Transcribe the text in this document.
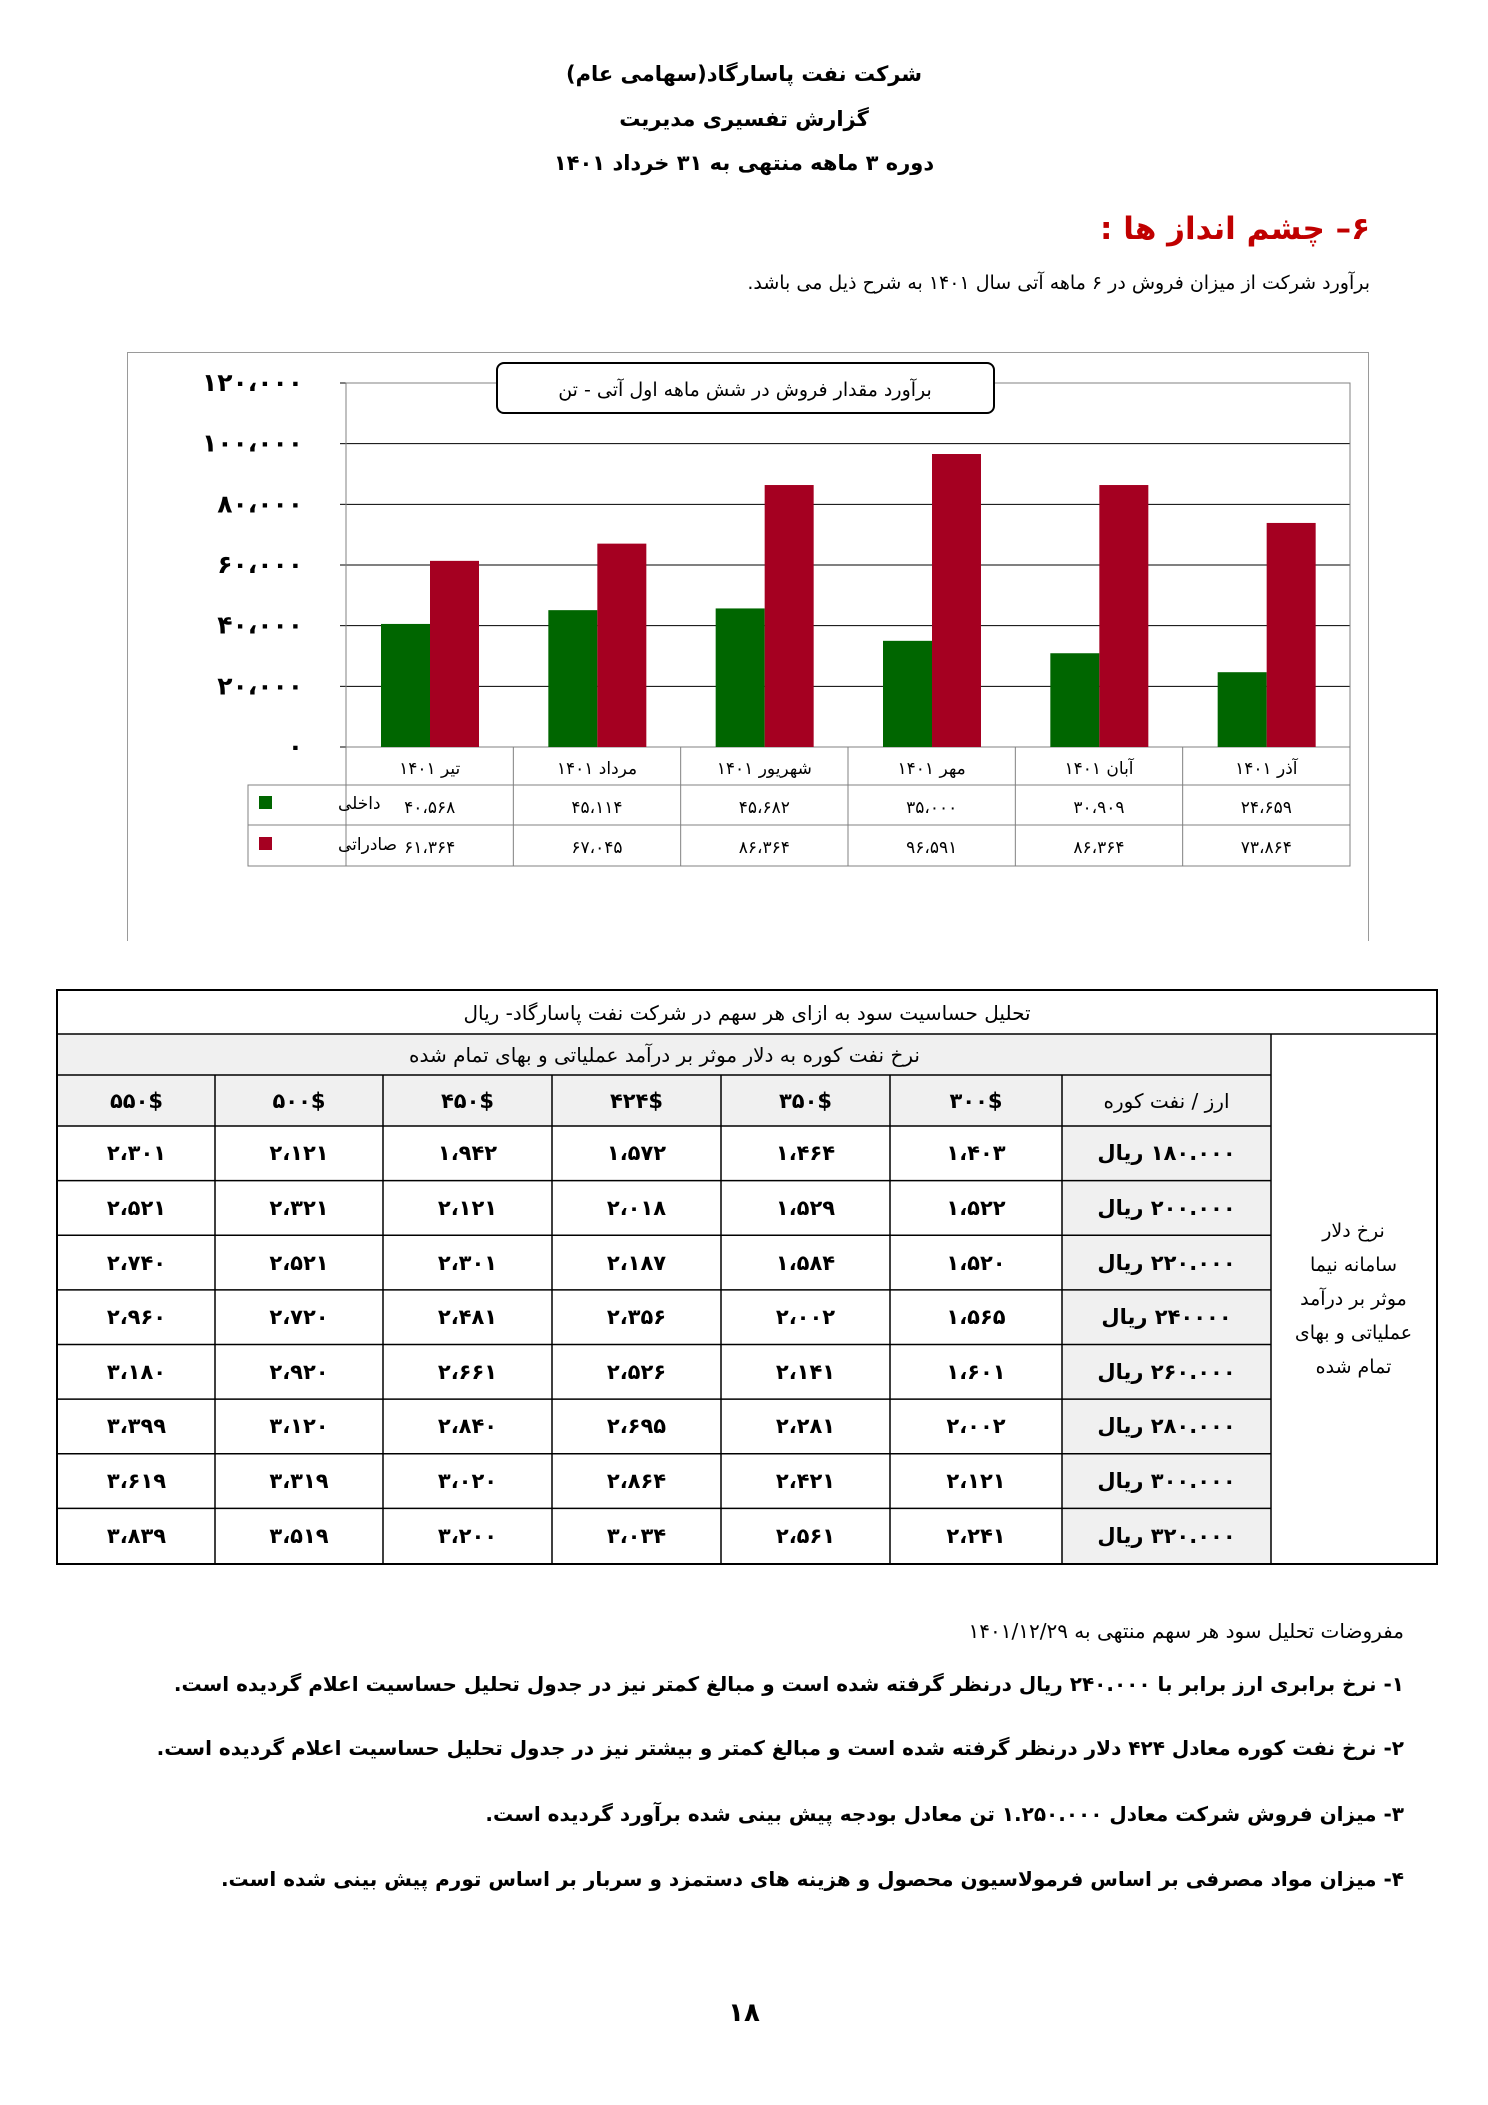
شرکت نفت پاسارگاد(سهامی عام)
گزارش تفسیری مدیریت
دوره ۳ ماهه منتهی به ۳۱ خرداد ۱۴۰۱
۶– چشم انداز ها :
برآورد شرکت از میزان فروش در ۶ ماهه آتی سال ۱۴۰۱ به شرح ذیل می باشد.
۰
۲۰،۰۰۰
۴۰،۰۰۰
۶۰،۰۰۰
۸۰،۰۰۰
۱۰۰،۰۰۰
۱۲۰،۰۰۰	برآورد مقدار فروش در شش ماهه اول آتی - تن
تیر ۱۴۰۱
۴۰،۵۶۸
۶۱،۳۶۴
مرداد ۱۴۰۱
۴۵،۱۱۴
۶۷،۰۴۵
شهریور ۱۴۰۱
۴۵،۶۸۲
۸۶،۳۶۴
مهر ۱۴۰۱
۳۵،۰۰۰
۹۶،۵۹۱
آبان ۱۴۰۱
۳۰،۹۰۹
۸۶،۳۶۴
آذر ۱۴۰۱
۲۴،۶۵۹
۷۳،۸۶۴
داخلی
صادراتی
تحلیل حساسیت سود به ازای هر سهم در شرکت نفت پاسارگاد- ریال
نرخ نفت کوره به دلار موثر بر درآمد عملیاتی و بهای تمام شده
نرخ دلار
سامانه نیما
موثر بر درآمد
عملیاتی و بهای
تمام شده
ارز / نفت کوره
۳۰۰$
۳۵۰$
۴۲۴$
۴۵۰$
۵۰۰$
۵۵۰$
۱۸۰.۰۰۰ ریال
۱،۴۰۳
۱،۴۶۴
۱،۵۷۲
۱،۹۴۲
۲،۱۲۱
۲،۳۰۱
۲۰۰.۰۰۰ ریال
۱،۵۲۲
۱،۵۲۹
۲،۰۱۸
۲،۱۲۱
۲،۳۲۱
۲،۵۲۱
۲۲۰.۰۰۰ ریال
۱،۵۲۰
۱،۵۸۴
۲،۱۸۷
۲،۳۰۱
۲،۵۲۱
۲،۷۴۰
۲۴۰۰۰۰ ریال
۱،۵۶۵
۲،۰۰۲
۲،۳۵۶
۲،۴۸۱
۲،۷۲۰
۲،۹۶۰
۲۶۰.۰۰۰ ریال
۱،۶۰۱
۲،۱۴۱
۲،۵۲۶
۲،۶۶۱
۲،۹۲۰
۳،۱۸۰
۲۸۰.۰۰۰ ریال
۲،۰۰۲
۲،۲۸۱
۲،۶۹۵
۲،۸۴۰
۳،۱۲۰
۳،۳۹۹
۳۰۰.۰۰۰ ریال
۲،۱۲۱
۲،۴۲۱
۲،۸۶۴
۳،۰۲۰
۳،۳۱۹
۳،۶۱۹
۳۲۰.۰۰۰ ریال
۲،۲۴۱
۲،۵۶۱
۳،۰۳۴
۳،۲۰۰
۳،۵۱۹
۳،۸۳۹
مفروضات تحلیل سود هر سهم منتهی به ۱۴۰۱/۱۲/۲۹
۱- نرخ برابری ارز برابر با ۲۴۰.۰۰۰ ریال درنظر گرفته شده است و مبالغ کمتر نیز در جدول تحلیل حساسیت اعلام گردیده است.
۲- نرخ نفت کوره معادل ۴۲۴ دلار درنظر گرفته شده است و مبالغ کمتر و بیشتر نیز در جدول تحلیل حساسیت اعلام گردیده است.
۳- میزان فروش شرکت معادل ۱.۲۵۰.۰۰۰ تن معادل بودجه پیش بینی شده برآورد گردیده است.
۴- میزان مواد مصرفی بر اساس فرمولاسیون محصول و هزینه های دستمزد و سربار بر اساس تورم پیش بینی شده است.
۱۸
